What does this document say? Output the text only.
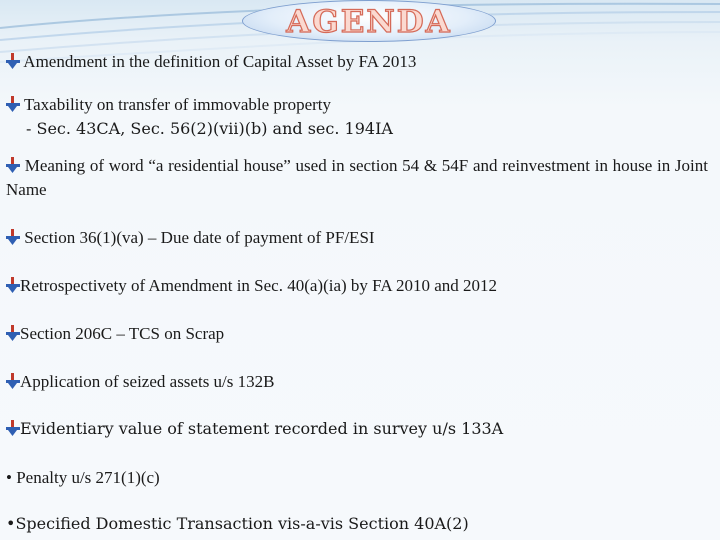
AGENDA
Amendment in the definition of Capital Asset by FA 2013
Taxability on transfer of immovable property
- Sec. 43CA, Sec. 56(2)(vii)(b) and sec. 194IA
Meaning of word “a residential house” used in section 54 & 54F and reinvestment in house in Joint Name
Section 36(1)(va) – Due date of payment of PF/ESI
Retrospectivety of Amendment in Sec. 40(a)(ia) by FA 2010 and 2012
Section 206C – TCS on Scrap
Application of seized assets u/s 132B
Evidentiary value of statement recorded in survey u/s 133A
• Penalty u/s 271(1)(c)
•Specified Domestic Transaction vis-a-vis Section 40A(2)
